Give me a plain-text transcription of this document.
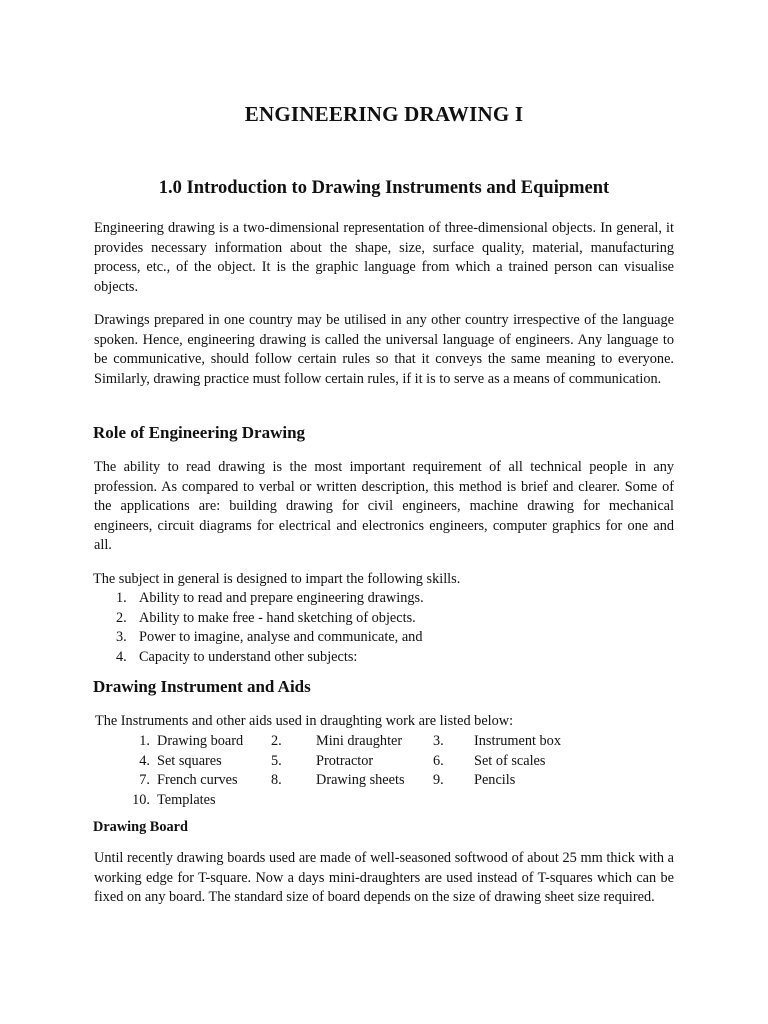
ENGINEERING DRAWING I
1.0 Introduction to Drawing Instruments and Equipment

Engineering drawing is a two-dimensional representation of three-dimensional objects. In general, it provides necessary information about the shape, size, surface quality, material, manufacturing process, etc., of the object. It is the graphic language from which a trained person can visualise objects.

Drawings prepared in one country may be utilised in any other country irrespective of the language spoken. Hence, engineering drawing is called the universal language of engineers. Any language to be communicative, should follow certain rules so that it conveys the same meaning to everyone. Similarly, drawing practice must follow certain rules, if it is to serve as a means of communication.

Role of Engineering Drawing

The ability to read drawing is the most important requirement of all technical people in any profession. As compared to verbal or written description, this method is brief and clearer. Some of the applications are: building drawing for civil engineers, machine drawing for mechanical engineers, circuit diagrams for electrical and electronics engineers, computer graphics for one and all.

The subject in general is designed to impart the following skills.

1. Ability to read and prepare engineering drawings.
2. Ability to make free - hand sketching of objects.
3. Power to imagine, analyse and communicate, and
4. Capacity to understand other subjects:
Drawing Instrument and Aids

The Instruments and other aids used in draughting work are listed below:

1. Drawing board 2. Mini draughter 3. Instrument box
4. Set squares	5. Protractor	6. Set of scales
7. French curves 8. Drawing sheets 9. Pencils
10. Templates
Drawing Board

Until recently drawing boards used are made of well-seasoned softwood of about 25 mm thick with a working edge for T-square. Now a days mini-draughters are used instead of T-squares which can be fixed on any board. The standard size of board depends on the size of drawing sheet size required.
